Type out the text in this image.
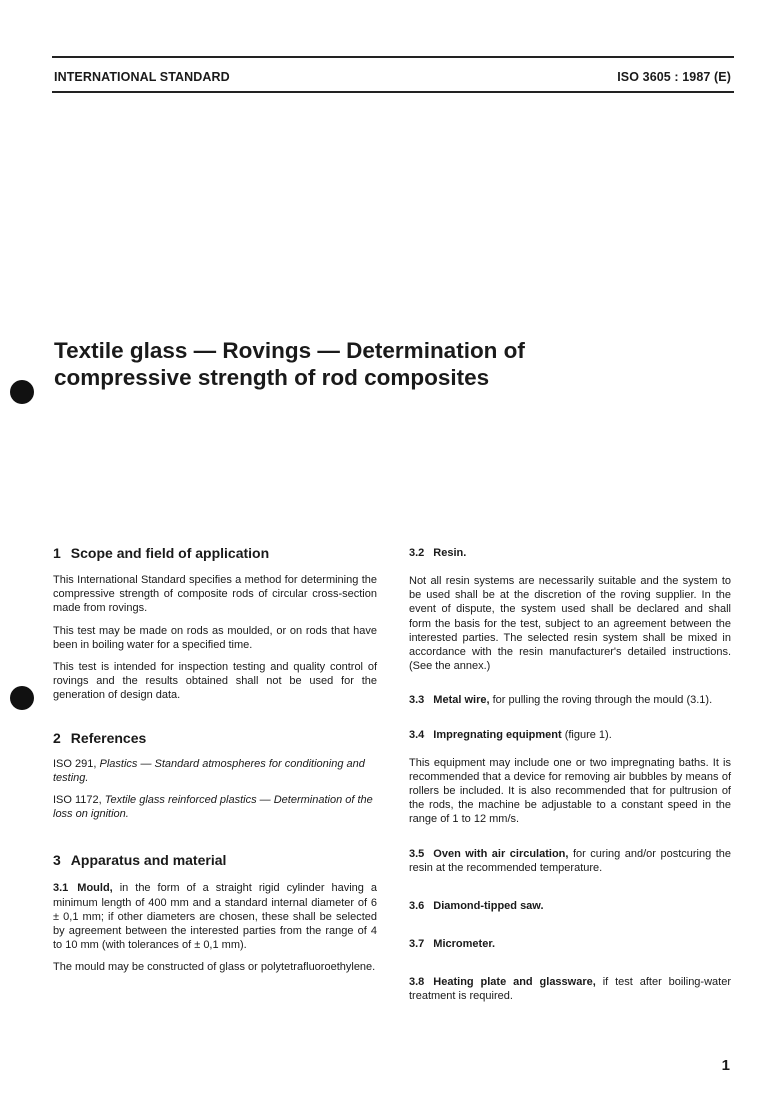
INTERNATIONAL STANDARD	ISO 3605 : 1987 (E)
Textile glass — Rovings — Determination of
compressive strength of rod composites
1 Scope and field of application

This International Standard specifies a method for determining the compressive strength of composite rods of circular cross-section made from rovings.

This test may be made on rods as moulded, or on rods that have been in boiling water for a specified time.

This test is intended for inspection testing and quality control of rovings and the results obtained shall not be used for the generation of design data.

2 References

ISO 291, Plastics — Standard atmospheres for conditioning and testing.

ISO 1172, Textile glass reinforced plastics — Determination of the loss on ignition.

3 Apparatus and material

3.1 Mould, in the form of a straight rigid cylinder having a minimum length of 400 mm and a standard internal diameter of 6 ± 0,1 mm; if other diameters are chosen, these shall be selected by agreement between the interested parties from the range of 4 to 10 mm (with tolerances of ± 0,1 mm).

The mould may be constructed of glass or polytetrafluoroethylene.

3.2 Resin.

Not all resin systems are necessarily suitable and the system to be used shall be at the discretion of the roving supplier. In the event of dispute, the system used shall be declared and shall form the basis for the test, subject to an agreement between the interested parties. The selected resin system shall be mixed in accordance with the resin manufacturer's detailed instructions. (See the annex.)

3.3 Metal wire, for pulling the roving through the mould (3.1).

3.4 Impregnating equipment (figure 1).

This equipment may include one or two impregnating baths. It is recommended that a device for removing air bubbles by means of rollers be included. It is also recommended that for pultrusion of the rods, the machine be adjustable to a constant speed in the range of 1 to 12 mm/s.

3.5 Oven with air circulation, for curing and/or postcuring the resin at the recommended temperature.

3.6 Diamond-tipped saw.
3.7 Micrometer.

3.8 Heating plate and glassware, if test after boiling-water treatment is required.

1
